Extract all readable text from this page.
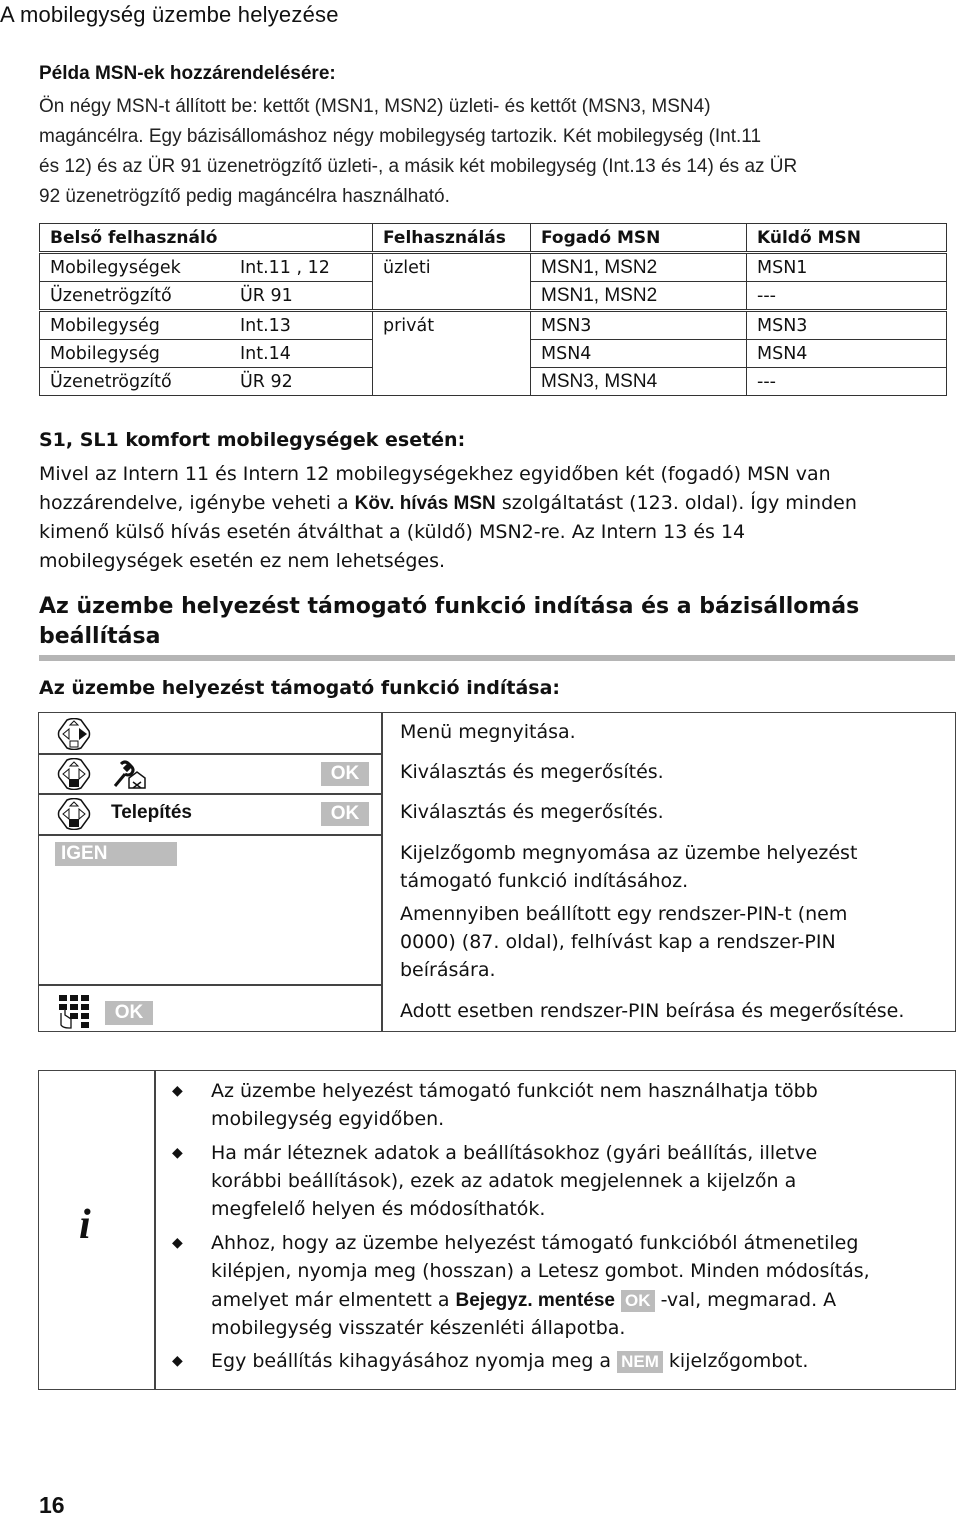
A mobilegység üzembe helyezése
Példa MSN-ek hozzárendelésére:
Ön négy MSN-t állított be: kettőt (MSN1, MSN2) üzleti- és kettőt (MSN3, MSN4)
magáncélra. Egy bázisállomáshoz négy mobilegység tartozik. Két mobilegység (Int.11
és 12) és az ÜR 91 üzenetrögzítő üzleti-, a másik két mobilegység (Int.13 és 14) és az ÜR
92 üzenetrögzítő pedig magáncélra használható.
Belső felhasználó	Felhasználás	Fogadó MSN	Küldő MSN
Mobilegységek Int.11 , 12	üzleti	MSN1, MSN2	MSN1
Üzenetrögzítő ÜR 91		MSN1, MSN2	---
Mobilegység Int.13	privát	MSN3	MSN3
Mobilegység Int.14		MSN4	MSN4
Üzenetrögzítő ÜR 92		MSN3, MSN4	---
S1, SL1 komfort mobilegységek esetén:
Mivel az Intern 11 és Intern 12 mobilegységekhez egyidőben két (fogadó) MSN van
hozzárendelve, igénybe veheti a Köv. hívás MSN szolgáltatást (123. oldal). Így minden
kimenő külső hívás esetén átválthat a (küldő) MSN2-re. Az Intern 13 és 14
mobilegységek esetén ez nem lehetséges.
Az üzembe helyezést támogató funkció indítása és a bázisállomás
beállítása
Az üzembe helyezést támogató funkció indítása:
Menü megnyitása.
OK	Kiválasztás és megerősítés.
Telepítés	OK	Kiválasztás és megerősítés.
IGEN	Kijelzőgomb megnyomása az üzembe helyezést
támogató funkció indításához.
Amennyiben beállított egy rendszer-PIN-t (nem
0000) (87. oldal), felhívást kap a rendszer-PIN
beírására.
OK	Adott esetben rendszer-PIN beírása és megerősítése.
i
◆ Az üzembe helyezést támogató funkciót nem használhatja több
mobilegység egyidőben.
◆ Ha már léteznek adatok a beállításokhoz (gyári beállítás, illetve
korábbi beállítások), ezek az adatok megjelennek a kijelzőn a
megfelelő helyen és módosíthatók.
◆ Ahhoz, hogy az üzembe helyezést támogató funkcióból átmenetileg
kilépjen, nyomja meg (hosszan) a Letesz gombot. Minden módosítás,
amelyet már elmentett a Bejegyz. mentése OK -val, megmarad. A
mobilegység visszatér készenléti állapotba.
◆ Egy beállítás kihagyásához nyomja meg a NEM kijelzőgombot.
16
